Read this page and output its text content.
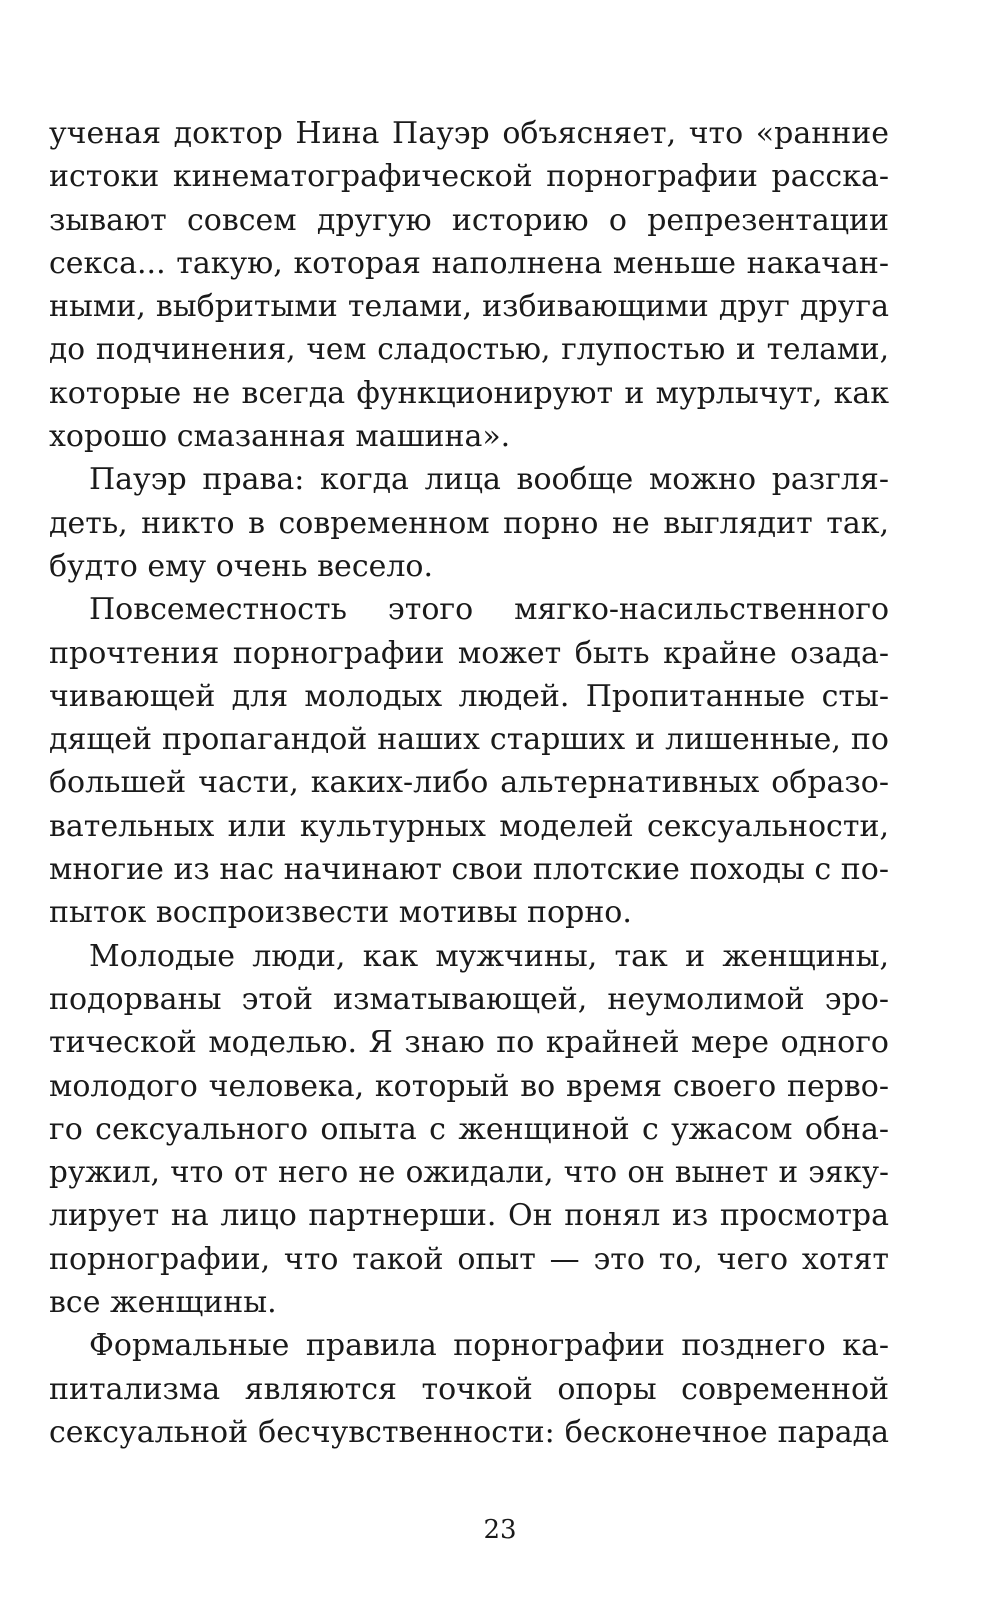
ученая доктор Нина Пауэр объясняет, что «ранние
истоки кинематографической порнографии расска-
зывают совсем другую историю о репрезентации
секса... такую, которая наполнена меньше накачан-
ными, выбритыми телами, избивающими друг друга
до подчинения, чем сладостью, глупостью и телами,
которые не всегда функционируют и мурлычут, как
хорошо смазанная машина».
Пауэр права: когда лица вообще можно разгля-
деть, никто в современном порно не выглядит так,
будто ему очень весело.
Повсеместность этого мягко-насильственного
прочтения порнографии может быть крайне озада-
чивающей для молодых людей. Пропитанные сты-
дящей пропагандой наших старших и лишенные, по
большей части, каких-либо альтернативных образо-
вательных или культурных моделей сексуальности,
многие из нас начинают свои плотские походы с по-
пыток воспроизвести мотивы порно.
Молодые люди, как мужчины, так и женщины,
подорваны этой изматывающей, неумолимой эро-
тической моделью. Я знаю по крайней мере одного
молодого человека, который во время своего перво-
го сексуального опыта с женщиной с ужасом обна-
ружил, что от него не ожидали, что он вынет и эяку-
лирует на лицо партнерши. Он понял из просмотра
порнографии, что такой опыт — это то, чего хотят
все женщины.
Формальные правила порнографии позднего ка-
питализма являются точкой опоры современной
сексуальной бесчувственности: бесконечное парада
23
